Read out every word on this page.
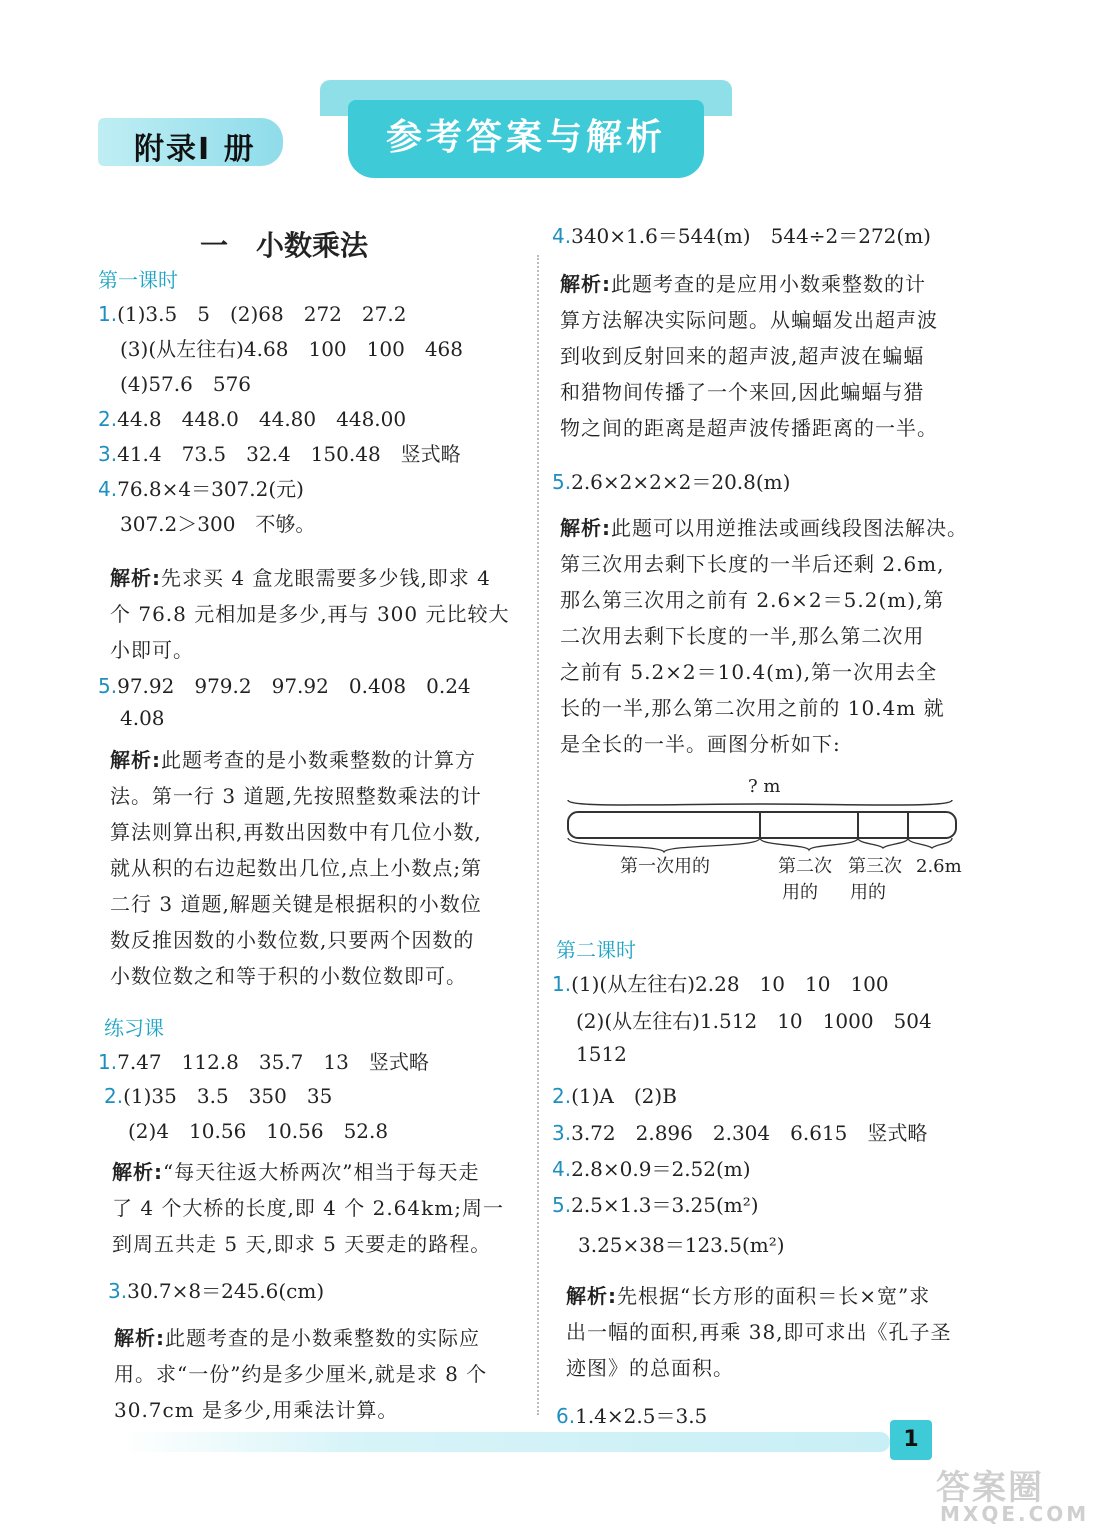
附录Ⅰ 册	参考答案与解析
一　小数乘法
第一课时
1.(1)3.5　5　(2)68　272　27.2
(3)(从左往右)4.68　100　100　468
(4)57.6　576
2.44.8　448.0　44.80　448.00
3.41.4　73.5　32.4　150.48　竖式略
4.76.8×4＝307.2(元)
307.2＞300　不够。
解析:先求买 4 盒龙眼需要多少钱,即求 4
个 76.8 元相加是多少,再与 300 元比较大
小即可。
5.97.92　979.2　97.92　0.408　0.24
4.08
解析:此题考查的是小数乘整数的计算方
法。第一行 3 道题,先按照整数乘法的计
算法则算出积,再数出因数中有几位小数,
就从积的右边起数出几位,点上小数点;第
二行 3 道题,解题关键是根据积的小数位
数反推因数的小数位数,只要两个因数的
小数位数之和等于积的小数位数即可。
练习课
1.7.47　112.8　35.7　13　竖式略
2.(1)35　3.5　350　35
(2)4　10.56　10.56　52.8
解析:“每天往返大桥两次”相当于每天走
了 4 个大桥的长度,即 4 个 2.64km;周一
到周五共走 5 天,即求 5 天要走的路程。
3.30.7×8＝245.6(cm)
解析:此题考查的是小数乘整数的实际应
用。求“一份”约是多少厘米,就是求 8 个
30.7cm 是多少,用乘法计算。
4.340×1.6＝544(m)　544÷2＝272(m)
解析:此题考查的是应用小数乘整数的计
算方法解决实际问题。从蝙蝠发出超声波
到收到反射回来的超声波,超声波在蝙蝠
和猎物间传播了一个来回,因此蝙蝠与猎
物之间的距离是超声波传播距离的一半。
5.2.6×2×2×2＝20.8(m)
解析:此题可以用逆推法或画线段图法解决。
第三次用去剩下长度的一半后还剩 2.6m,
那么第三次用之前有 2.6×2＝5.2(m),第
二次用去剩下长度的一半,那么第二次用
之前有 5.2×2＝10.4(m),第一次用去全
长的一半,那么第二次用之前的 10.4m 就
是全长的一半。画图分析如下:
? m
第一次用的	第二次
用的
第三次
用的
2.6m
第二课时
1.(1)(从左往右)2.28　10　10　100
(2)(从左往右)1.512　10　1000　504
1512
2.(1)A　(2)B
3.3.72　2.896　2.304　6.615　竖式略
4.2.8×0.9＝2.52(m)
5.2.5×1.3＝3.25(m²)
3.25×38＝123.5(m²)
解析:先根据“长方形的面积＝长×宽”求
出一幅的面积,再乘 38,即可求出《孔子圣
迹图》的总面积。
6.1.4×2.5＝3.5
1
答案圈
MXQE.COM
